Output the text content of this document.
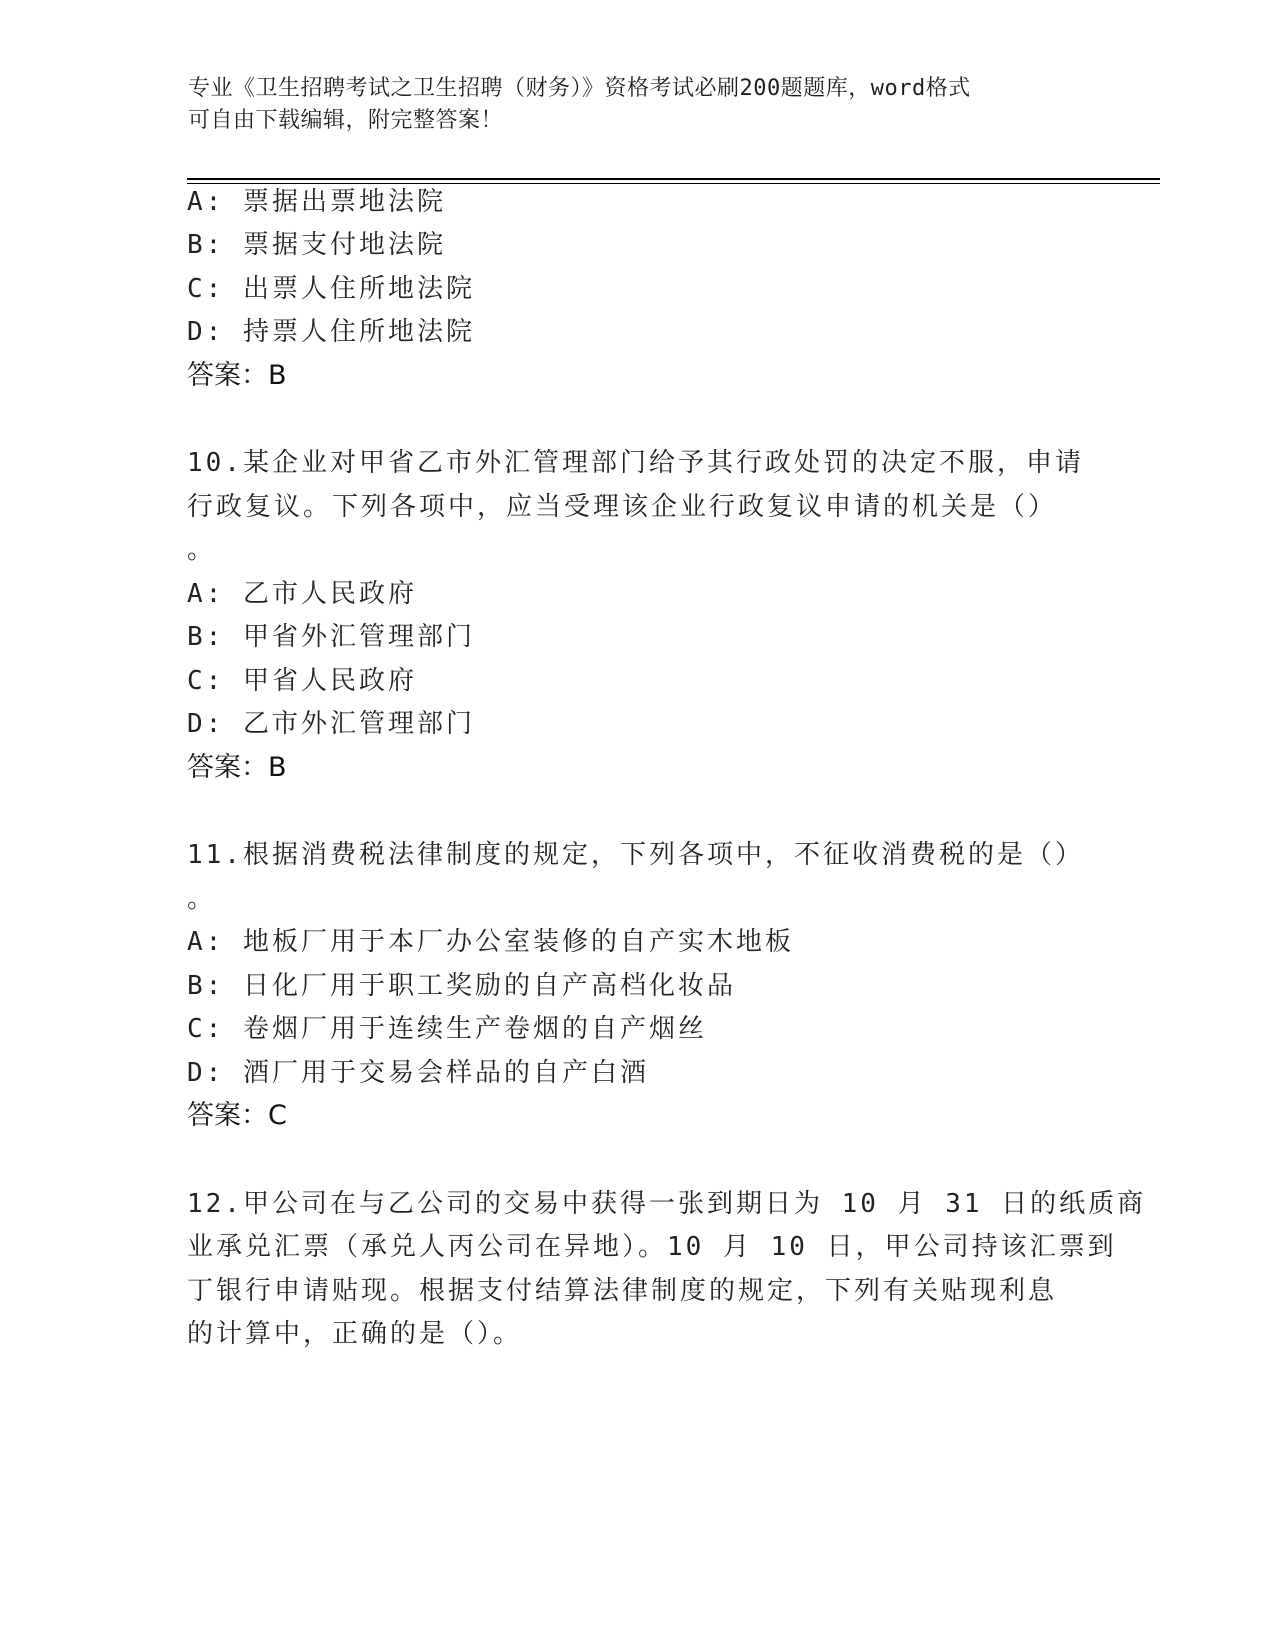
专业《卫生招聘考试之卫生招聘（财务）》资格考试必刷200题题库，word格式
可自由下载编辑，附完整答案！
A: 票据出票地法院
B: 票据支付地法院
C: 出票人住所地法院
D: 持票人住所地法院
答案：B
10.某企业对甲省乙市外汇管理部门给予其行政处罚的决定不服，申请
行政复议。下列各项中，应当受理该企业行政复议申请的机关是（）
。
A: 乙市人民政府
B: 甲省外汇管理部门
C: 甲省人民政府
D: 乙市外汇管理部门
答案：B
11.根据消费税法律制度的规定，下列各项中，不征收消费税的是（）
。
A: 地板厂用于本厂办公室装修的自产实木地板
B: 日化厂用于职工奖励的自产高档化妆品
C: 卷烟厂用于连续生产卷烟的自产烟丝
D: 酒厂用于交易会样品的自产白酒
答案：C
12.甲公司在与乙公司的交易中获得一张到期日为 10 月 31 日的纸质商
业承兑汇票（承兑人丙公司在异地）。10 月 10 日，甲公司持该汇票到
丁银行申请贴现。根据支付结算法律制度的规定，下列有关贴现利息
的计算中，正确的是（）。
